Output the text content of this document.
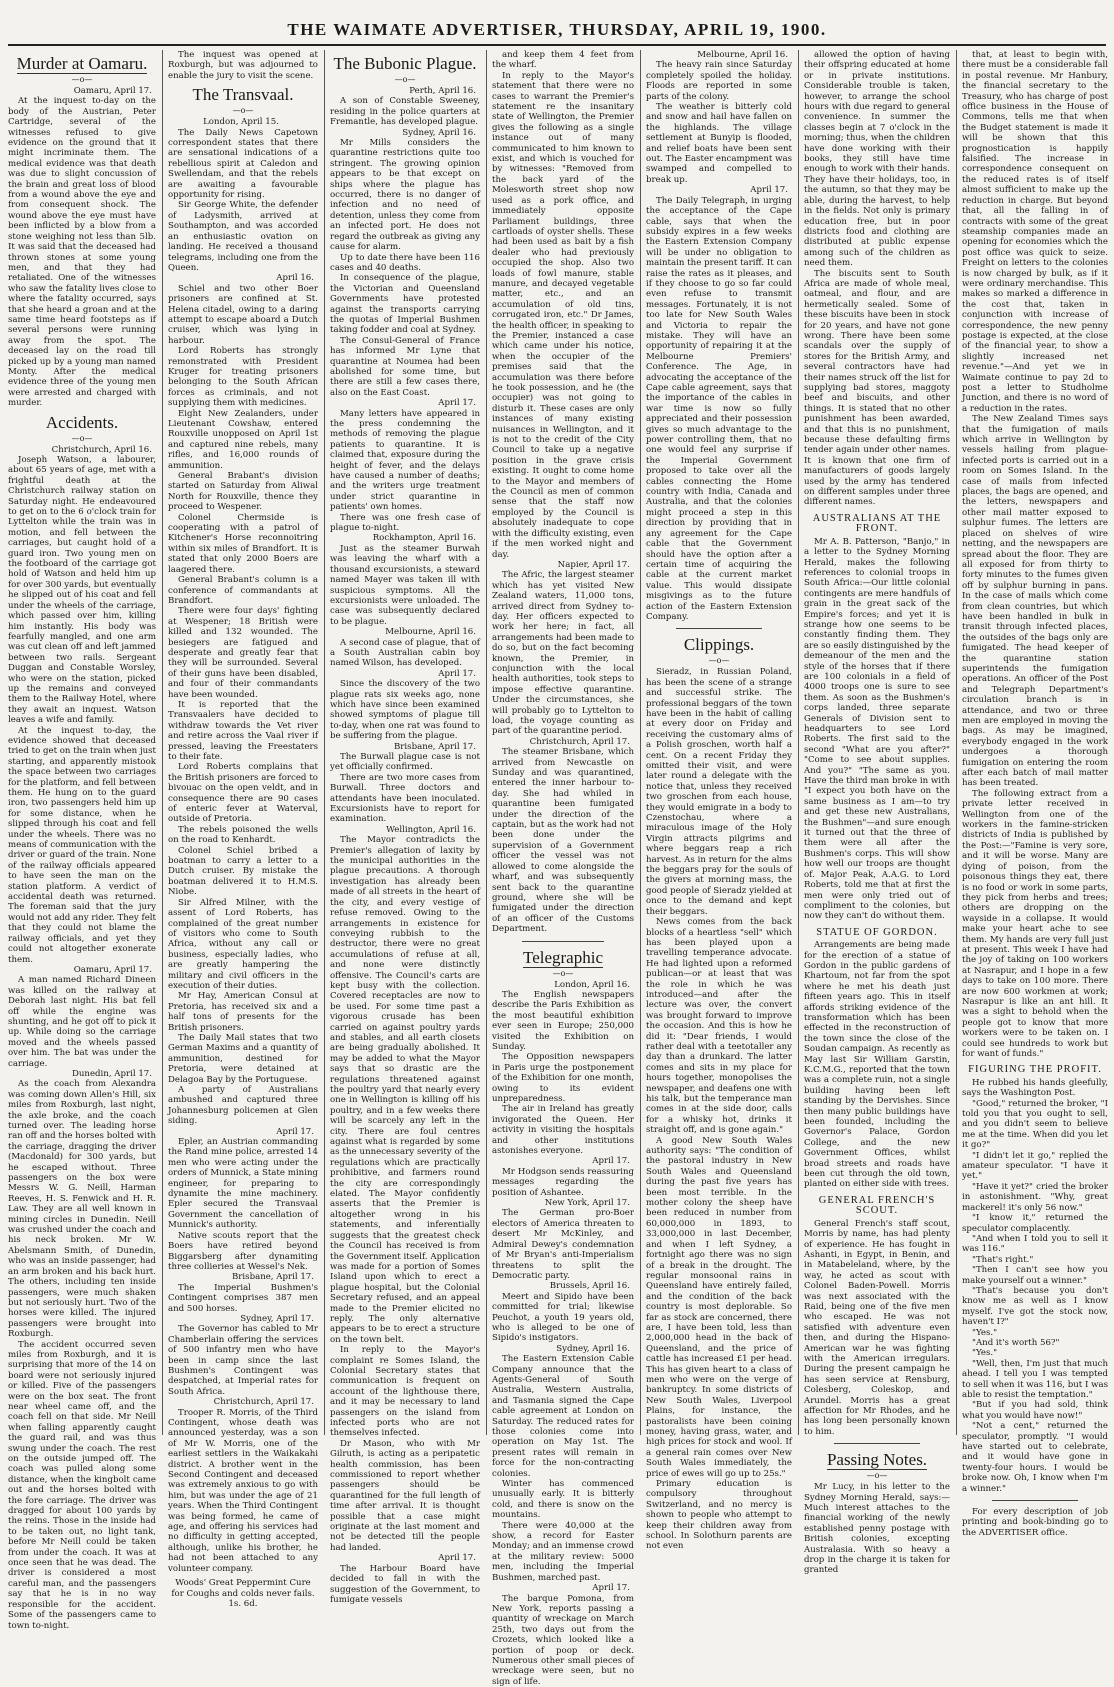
THE WAIMATE ADVERTISER, THURSDAY, APRIL 19, 1900.
Murder at Oamaru.
—o—

Oamaru, April 17.

At the inquest to-day on the body of the Austrian, Peter Cartridge, several of the witnesses refused to give evidence on the ground that it might incriminate them. The medical evidence was that death was due to slight concussion of the brain and great loss of blood from a wound above the eye and from consequent shock. The wound above the eye must have been inflicted by a blow from a stone weighing not less than 5lb. It was said that the deceased had thrown stones at some young men, and that they had retaliated. One of the witnesses who saw the fatality lives close to where the fatality occurred, says that she heard a groan and at the same time heard footsteps as if several persons were running away from the spot. The deceased lay on the road till picked up by a young man named Monty. After the medical evidence three of the young men were arrested and charged with murder.

Accidents.
—o—

Christchurch, April 16.

Joseph Watson, a labourer, about 65 years of age, met with a frightful death at the Christchurch railway station on Saturday night. He endeavoured to get on to the 6 o'clock train for Lyttelton while the train was in motion, and fell between the carriages, but caught hold of a guard iron. Two young men on the footboard of the carriage got hold of Watson and held him up for over 300 yards, but eventually he slipped out of his coat and fell under the wheels of the carriage, which passed over him, killing him instantly. His body was fearfully mangled, and one arm was cut clean off and left jammed between two rails. Sergeant Duggan and Constable Worsley, who were on the station, picked up the remains and conveyed them to the Railway Hotel, where they await an inquest. Watson leaves a wife and family.

At the inquest to-day, the evidence showed that deceased tried to get on the train when just starting, and apparently mistook the space between two carriages for the platform, and fell between them. He hung on to the guard iron, two passengers held him up for some distance, when he slipped through his coat and fell under the wheels. There was no means of communication with the driver or guard of the train. None of the railway officials appeared to have seen the man on the station platform. A verdict of accidental death was returned. The foreman said that the jury would not add any rider. They felt that they could not blame the railway officials, and yet they could not altogether exonerate them.

Oamaru, April 17.

A man named Richard Dineen was killed on the railway at Deborah last night. His bat fell off while the engine was shunting, and he got off to pick it up. While doing so the carriage moved and the wheels passed over him. The bat was under the carriage.

Dunedin, April 17.

As the coach from Alexandra was coming down Allen's Hill, six miles from Roxburgh, last night, the axle broke, and the coach turned over. The leading horse ran off and the horses bolted with the carriage, dragging the driver (Macdonald) for 300 yards, but he escaped without. Three passengers on the box were Messrs W. G. Neill, Harman Reeves, H. S. Fenwick and H. R. Law. They are all well known in mining circles in Dunedin. Neill was crushed under the coach and his neck broken. Mr W. Abelsmann Smith, of Dunedin, who was an inside passenger, had an arm broken and his back hurt. The others, including ten inside passengers, were much shaken but not seriously hurt. Two of the horses were killed. The injured passengers were brought into Roxburgh.

The accident occurred seven miles from Roxburgh, and it is surprising that more of the 14 on board were not seriously injured or killed. Five of the passengers were on the box seat. The front near wheel came off, and the coach fell on that side. Mr Neill when falling apparently caught the guard rail, and was thus swung under the coach. The rest on the outside jumped off. The coach was pulled along some distance, when the kingbolt came out and the horses bolted with the fore carriage. The driver was dragged for about 100 yards by the reins. Those in the inside had to be taken out, no light tank, before Mr Neill could be taken from under the coach. It was at once seen that he was dead. The driver is considered a most careful man, and the passengers say that he is in no way responsible for the accident. Some of the passengers came to town to-night.

The inquest was opened at Roxburgh, but was adjourned to enable the jury to visit the scene.

The Transvaal.
—o—

London, April 15.

The Daily News Capetown correspondent states that there are sensational indications of a rebellious spirit at Caledon and Swellendam, and that the rebels are awaiting a favourable opportunity for rising.

Sir George White, the defender of Ladysmith, arrived at Southampton, and was accorded an enthusiastic ovation on landing. He received a thousand telegrams, including one from the Queen.

April 16.

Schiel and two other Boer prisoners are confined at St. Helena citadel, owing to a daring attempt to escape aboard a Dutch cruiser, which was lying in harbour.

Lord Roberts has strongly remonstrated with President Kruger for treating prisoners belonging to the South African forces as criminals, and not supplying them with medicines.

Eight New Zealanders, under Lieutenant Cowshaw, entered Rouxville unopposed on April 1st and captured nine rebels, many rifles, and 16,000 rounds of ammunition.

General Brabant's division started on Saturday from Aliwal North for Rouxville, thence they proceed to Wespener.

Colonel Chermside is cooperating with a patrol of Kitchener's Horse reconnoitring within six miles of Brandfort. It is stated that only 2000 Boers are laagered there.

General Brabant's column is a conference of commandants at Brandfort.

There were four days' fighting at Wespener; 18 British were killed and 132 wounded. The besiegers are fatigued and desperate and greatly fear that they will be surrounded. Several of their guns have been disabled, and four of their commandants have been wounded.

It is reported that the Transvaalers have decided to withdraw towards the Vet river and retire across the Vaal river if pressed, leaving the Freestaters to their fate.

Lord Roberts complains that the British prisoners are forced to bivouac on the open veldt, and in consequence there are 90 cases of enteric fever at Waterval, outside of Pretoria.

The rebels poisoned the wells on the road to Kenhardt.

Colonel Schiel bribed a boatman to carry a letter to a Dutch cruiser. By mistake the boatman delivered it to H.M.S. Niobe.

Sir Alfred Milner, with the assent of Lord Roberts, has complained of the great number of visitors who come to South Africa, without any call or business, especially ladies, who are greatly hampering the military and civil officers in the execution of their duties.

Mr Hay, American Consul at Pretoria, has received six and a half tons of presents for the British prisoners.

The Daily Mail states that two German Maxims and a quantity of ammunition, destined for Pretoria, were detained at Delagoa Bay by the Portuguese.

A party of Australians ambushed and captured three Johannesburg policemen at Glen siding.

April 17.

Epler, an Austrian commanding the Rand mine police, arrested 14 men who were acting under the orders of Munnick, a State mining engineer, for preparing to dynamite the mine machinery. Epler secured the Transvaal Government the cancellation of Munnick's authority.

Native scouts report that the Boers have retired beyond Biggarsberg after dynamiting three collieries at Wessel's Nek.

Brisbane, April 17.

The Imperial Bushmen's Contingent comprises 387 men and 500 horses.

Sydney, April 17.

The Governor has cabled to Mr Chamberlain offering the services of 500 infantry men who have been in camp since the last Bushmen's Contingent was despatched, at Imperial rates for South Africa.

Christchurch, April 17.

Trooper R. Morris, of the Third Contingent, whose death was announced yesterday, was a son of Mr W. Morris, one of the earliest settlers in the Waikakahi district. A brother went in the Second Contingent and deceased was extremely anxious to go with him, but was under the age of 21 years. When the Third Contingent was being formed, he came of age, and offering his services had no difficulty in getting accepted, although, unlike his brother, he had not been attached to any volunteer company.

Woods' Great Peppermint Cure for Coughs and colds never fails. 1s. 6d.

The Bubonic Plague.
—o—

Perth, April 16.

A son of Constable Sweeney, residing in the police quarters at Fremantle, has developed plague.

Sydney, April 16.

Mr Mills considers the quarantine restrictions quite too stringent. The growing opinion appears to be that except on ships where the plague has occurred, there is no danger of infection and no need of detention, unless they come from an infected port. He does not regard the outbreak as giving any cause for alarm.

Up to date there have been 116 cases and 40 deaths.

In consequence of the plague, the Victorian and Queensland Governments have protested against the transports carrying the quotas of Imperial Bushmen taking fodder and coal at Sydney.

The Consul-General of France has informed Mr Lyne that quarantine at Noumea had been abolished for some time, but there are still a few cases there, also on the East Coast.

April 17.

Many letters have appeared in the press condemning the methods of removing the plague patients to quarantine. It is claimed that, exposure during the height of fever, and the delays have caused a number of deaths; and the writers urge treatment under strict quarantine in patients' own homes.

There was one fresh case of plague to-night.

Rockhampton, April 16.

Just as the steamer Burwah was leaving the wharf with a thousand excursionists, a steward named Mayer was taken ill with suspicious symptoms. All the excursionists were unloaded. The case was subsequently declared to be plague.

Melbourne, April 16.

A second case of plague, that of a South Australian cabin boy named Wilson, has developed.

April 17.

Since the discovery of the two plague rats six weeks ago, none which have since been examined showed symptoms of plague till to-day, when one rat was found to be suffering from the plague.

Brisbane, April 17.

The Burwall plague case is not yet officially confirmed.

There are two more cases from Burwall. Three doctors and attendants have been inoculated. Excursionists have to report for examination.

Wellington, April 16.

The Mayor contradicts the Premier's allegation of laxity by the municipal authorities in the plague precautions. A thorough investigation has already been made of all streets in the heart of the city, and every vestige of refuse removed. Owing to the arrangements in existence for conveying rubbish to the destructor, there were no great accumulations of refuse at all, and none were distinctly offensive. The Council's carts are kept busy with the collection. Covered receptacles are now to be used. For some time past a vigorous crusade has been carried on against poultry yards and stables, and all earth closets are being gradually abolished. It may be added to what the Mayor says that so drastic are the regulations threatened against the poultry yard that nearly every one in Wellington is killing off his poultry, and in a few weeks there will be scarcely any left in the city. There are foul centres against what is regarded by some as the unnecessary severity of the regulations which are practically prohibitive, and farmers round the city are correspondingly elated. The Mayor confidently asserts that the Premier is altogether wrong in his statements, and inferentially suggests that the greatest check the Council has received is from the Government itself. Application was made for a portion of Somes Island upon which to erect a plague hospital, but the Colonial Secretary refused, and an appeal made to the Premier elicited no reply. The only alternative appears to be to erect a structure on the town belt.

In reply to the Mayor's complaint re Somes Island, the Colonial Secretary states that communication is frequent on account of the lighthouse there, and it may be necessary to land passengers on the island from infected ports who are not themselves infected.

Dr Mason, who with Mr Gilruth, is acting as a peripatetic health commission, has been commissioned to report whether passengers should be quarantined for the full length of time after arrival. It is thought possible that a case might originate at the last moment and not be detected till the people had landed.

April 17.

The Harbour Board have decided to fall in with the suggestion of the Government, to fumigate vessels

and keep them 4 feet from the wharf.

In reply to the Mayor's statement that there were no cases to warrant the Premier's statement re the insanitary state of Wellington, the Premier gives the following as a single instance out of many communicated to him known to exist, and which is vouched for by witnesses: "Removed from the back yard of the Molesworth street shop now used as a pork office, and immediately opposite Parliament buildings, three cartloads of oyster shells. These had been used as bait by a fish dealer who had previously occupied the shop. Also two loads of fowl manure, stable manure, and decayed vegetable matter, etc., and an accumulation of old tins, corrugated iron, etc." Dr James, the health officer, in speaking to the Premier, instanced a case which came under his notice, when the occupier of the premises said that the accumulation was there before he took possession, and he (the occupier) was not going to disturb it. These cases are only instances of many existing nuisances in Wellington, and it is not to the credit of the City Council to take up a negative position in the grave crisis existing. It ought to come home to the Mayor and members of the Council as men of common sense that the staff now employed by the Council is absolutely inadequate to cope with the difficulty existing, even if the men worked night and day.

Napier, April 17.

The Afric, the largest steamer which has yet visited New Zealand waters, 11,000 tons, arrived direct from Sydney to-day. Her officers expected to work her here; in fact, all arrangements had been made to do so, but on the fact becoming known, the Premier, in conjunction with the local health authorities, took steps to impose effective quarantine. Under the circumstances, she will probably go to Lyttelton to load, the voyage counting as part of the quarantine period.

Christchurch, April 17.

The steamer Brisbane, which arrived from Newcastle on Sunday and was quarantined, entered the inner harbour to-day. She had whiled in quarantine been fumigated under the direction of the captain, but as the work had not been done under the supervision of a Government officer the vessel was not allowed to come alongside the wharf, and was subsequently sent back to the quarantine ground, where she will be fumigated under the direction of an officer of the Customs Department.

Telegraphic
—o—

London, April 16.

The English newspapers describe the Paris Exhibition as the most beautiful exhibition ever seen in Europe; 250,000 visited the Exhibition on Sunday.

The Opposition newspapers in Paris urge the postponement of the Exhibition for one month, owing to its evident unpreparedness.

The air in Ireland has greatly invigorated the Queen. Her activity in visiting the hospitals and other institutions astonishes everyone.

April 17.

Mr Hodgson sends reassuring messages regarding the position of Ashantee.

New York, April 17.

The German pro-Boer electors of America threaten to desert Mr McKinley, and Admiral Dewey's condemnation of Mr Bryan's anti-Imperialism threatens to split the Democratic party.

Brussels, April 16.

Meert and Sipido have been committed for trial; likewise Peuchot, a youth 19 years old, who is alleged to be one of Sipido's instigators.

Sydney, April 16.

The Eastern Extension Cable Company announce that the Agents-General of South Australia, Western Australia, and Tasmania signed the Cape cable agreement at London on Saturday. The reduced rates for those colonies come into operation on May 1st. The present rates will remain in force for the non-contracting colonies.

Winter has commenced unusually early. It is bitterly cold, and there is snow on the mountains.

There were 40,000 at the show, a record for Easter Monday; and an immense crowd at the military review: 5000 men, including the Imperial Bushmen, marched past.

April 17.

The barque Pomona, from New York, reports passing a quantity of wreckage on March 25th, two days out from the Crozets, which looked like a portion of poop or deck. Numerous other small pieces of wreckage were seen, but no sign of life.

Melbourne, April 16.

The heavy rain since Saturday completely spoiled the holiday. Floods are reported in some parts of the colony.

The weather is bitterly cold and snow and hail have fallen on the highlands. The village settlement at Bunyip is flooded, and relief boats have been sent out. The Easter encampment was swamped and compelled to break up.

April 17.

The Daily Telegraph, in urging the acceptance of the Cape cable, says that when the subsidy expires in a few weeks the Eastern Extension Company will be under no obligation to maintain the present tariff. It can raise the rates as it pleases, and if they choose to go so far could even refuse to transmit messages. Fortunately, it is not too late for New South Wales and Victoria to repair the mistake. They will have an opportunity of repairing it at the Melbourne Premiers' Conference. The Age, in advocating the acceptance of the Cape cable agreement, says that the importance of the cables in war time is now so fully appreciated and their possession gives so much advantage to the power controlling them, that no one would feel any surprise if the Imperial Government proposed to take over all the cables connecting the Home country with India, Canada and Australia, and that the colonies might proceed a step in this direction by providing that in any agreement for the Cape cable that the Government should have the option after a certain time of acquiring the cable at the current market value. This would dissipate misgivings as to the future action of the Eastern Extension Company.

Clippings.
—o—

Sieradz, in Russian Poland, has been the scene of a strange and successful strike. The professional beggars of the town have been in the habit of calling at every door on Friday and receiving the customary alms of a Polish groschen, worth half a cent. On a recent Friday they omitted their visit, and were later round a delegate with the notice that, unless they received two groschen from each house, they would emigrate in a body to Czenstochau, where a miraculous image of the Holy Virgin attracts pilgrims and where beggars reap a rich harvest. As in return for the alms the beggars pray for the souls of the givers at morning mass, the good people of Sieradz yielded at once to the demand and kept their beggars.

News comes from the back blocks of a heartless "sell" which has been played upon a travelling temperance advocate. He had lighted upon a reformed publican—or at least that was the role in which he was introduced—and after the lecture was over, the convert was brought forward to improve the occasion. And this is how he did it: "Dear friends, I would rather deal with a teetotaller any day than a drunkard. The latter comes and sits in my place for hours together, monopolises the newspaper, and deafens one with his talk, but the temperance man comes in at the side door, calls for a whisky hot, drinks it straight off, and is gone again."

A good New South Wales authority says: "The condition of the pastoral industry in New South Wales and Queensland during the past five years has been most terrible. In the mother colony the sheep have been reduced in number from 60,000,000 in 1893, to 33,000,000 in last December, and when I left Sydney, a fortnight ago there was no sign of a break in the drought. The regular monsoonal rains in Queensland have entirely failed, and the condition of the back country is most deplorable. So far as stock are concerned, there are, I have been told, less than 2,000,000 head in the back of Queensland, and the price of cattle has increased £1 per head. This has given heart to a class of men who were on the verge of bankruptcy. In some districts of New South Wales, Liverpool Plains, for instance, the pastoralists have been coining money, having grass, water, and high prices for stock and wool. If a general rain comes over New South Wales immediately, the price of ewes will go up to 25s."

Primary education is compulsory throughout Switzerland, and no mercy is shown to people who attempt to keep their children away from school. In Solothurn parents are not even

allowed the option of having their offspring educated at home or in private institutions. Considerable trouble is taken, however, to arrange the school hours with due regard to general convenience. In summer the classes begin at 7 o'clock in the morning; thus, when the children have done working with their books, they still have time enough to work with their hands. They have their holidays, too, in the autumn, so that they may be able, during the harvest, to help in the fields. Not only is primary education free, but in poor districts food and clothing are distributed at public expense among such of the children as need them.

The biscuits sent to South Africa are made of whole meal, oatmeal, and flour, and are hermetically sealed. Some of these biscuits have been in stock for 20 years, and have not gone wrong. There have been some scandals over the supply of stores for the British Army, and several contractors have had their names struck off the list for supplying bad stores, maggoty beef and biscuits, and other things. It is stated that no other punishment has been awarded, and that this is no punishment, because these defaulting firms tender again under other names. It is known that one firm of manufacturers of goods largely used by the army has tendered on different samples under three different names.

AUSTRALIANS AT THE FRONT.

Mr A. B. Patterson, "Banjo," in a letter to the Sydney Morning Herald, makes the following references to colonial troops in South Africa:—Our little colonial contingents are mere handfuls of grain in the great sack of the Empire's forces; and yet it is strange how one seems to be constantly finding them. They are so easily distinguished by the demeanour of the men and the style of the horses that if there are 100 colonials in a field of 4000 troops one is sure to see them. As soon as the Bushmen's corps landed, three separate Generals of Division sent to headquarters to see Lord Roberts. The first said to the second "What are you after?" "Come to see about supplies. And you?" "The same as you. Have the third man broke in with "I expect you both have on the same business as I am—to try and get these new Australians, the Bushmen"—and sure enough it turned out that the three of them were all after the Bushmen's corps. This will show how well our troops are thought of. Major Peak, A.A.G. to Lord Roberts, told me that at first the men were only tried out of compliment to the colonies, but now they can't do without them.

STATUE OF GORDON.

Arrangements are being made for the erection of a statue of Gordon in the public gardens of Khartoum, not far from the spot where he met his death just fifteen years ago. This in itself affords striking evidence of the transformation which has been effected in the reconstruction of the town since the close of the Soudan campaign. As recently as May last Sir William Garstin, K.C.M.G., reported that the town was a complete ruin, not a single building having been left standing by the Dervishes. Since then many public buildings have been founded, including the Governor's Palace, Gordon College, and the new Government Offices, whilst broad streets and roads have been cut through the old town, planted on either side with trees.

GENERAL FRENCH'S SCOUT.

General French's staff scout, Morris by name, has had plenty of experience. He has fought in Ashanti, in Egypt, in Benin, and in Matabeleland, where, by the way, he acted as scout with Colonel Baden-Powell. Morris was next associated with the Raid, being one of the five men who escaped. He was not satisfied with adventure even then, and during the Hispano-American war he was fighting with the American irregulars. During the present campaign he has seen service at Rensburg, Colesberg, Coleskop, and Arundel. Morris has a great affection for Mr Rhodes, and he has long been personally known to him.

Passing Notes.
—o—

Mr Lucy, in his letter to the Sydney Morning Herald, says:—Much interest attaches to the financial working of the newly established penny postage with British colonies, excepting Australasia. With so heavy a drop in the charge it is taken for granted

that, at least to begin with, there must be a considerable fall in postal revenue. Mr Hanbury, the financial secretary to the Treasury, who has charge of post office business in the House of Commons, tells me that when the Budget statement is made it will be shown that this prognostication is happily falsified. The increase in correspondence consequent on the reduced rates is of itself almost sufficient to make up the reduction in charge. But beyond that, all the falling in of contracts with some of the great steamship companies made an opening for economies which the post office was quick to seize. Freight on letters to the colonies is now charged by bulk, as if it were ordinary merchandise. This makes so marked a difference in the cost that, taken in conjunction with increase of correspondence, the new penny postage is expected, at the close of the financial year, to show a slightly increased net revenue."—And yet we in Waimate continue to pay 2d to post a letter to Studholme Junction, and there is no word of a reduction in the rates.

The New Zealand Times says that the fumigation of mails which arrive in Wellington by vessels hailing from plague-infected ports is carried out in a room on Somes Island. In the case of mails from infected places, the bags are opened, and the letters, newspapers and other mail matter exposed to sulphur fumes. The letters are placed on shelves of wire netting, and the newspapers are spread about the floor. They are all exposed for from thirty to forty minutes to the fumes given off by sulphur burning in pans. In the case of mails which come from clean countries, but which have been handled in bulk in transit through infected places, the outsides of the bags only are fumigated. The head keeper of the quarantine station superintends the fumigation operations. An officer of the Post and Telegraph Department's circulation branch is in attendance, and two or three men are employed in moving the bags. As may be imagined, everybody engaged in the work undergoes a thorough fumigation on entering the room after each batch of mail matter has been treated.

The following extract from a private letter received in Wellington from one of the workers in the famine-stricken districts of India is published by the Post:—"Famine is very sore, and it will be worse. Many are dying of poison, from the poisonous things they eat, there is no food or work in some parts, they pick from herbs and trees; others are dropping on the wayside in a collapse. It would make your heart ache to see them. My hands are very full just at present. This week I have had the joy of taking on 100 workers at Nasrapur, and I hope in a few days to take on 100 more. There are now 600 workmen at work; Nasrapur is like an ant hill. It was a sight to behold when the people got to know that more workers were to be taken on. I could see hundreds to work but for want of funds."

FIGURING THE PROFIT.

He rubbed his hands gleefully, says the Washington Post.

"Good," returned the broker, "I told you that you ought to sell, and you didn't seem to believe me at the time. When did you let it go?"

"I didn't let it go," replied the amateur speculator. "I have it yet."

"Have it yet?" cried the broker in astonishment. "Why, great mackerel! it's only 56 now."

"I know it," returned the speculator complacently.

"And when I told you to sell it was 116."

"That's right."

"Then I can't see how you make yourself out a winner."

"That's because you don't know me as well as I know myself. I've got the stock now, haven't I?"

"Yes."

"And it's worth 56?"

"Yes."

"Well, then, I'm just that much ahead. I tell you I was tempted to sell when it was 116, but I was able to resist the temptation."

"But if you had sold, think what you would have now!"

"Not a cent," returned the speculator, promptly. "I would have started out to celebrate, and it would have gone in twenty-four hours. I would be broke now. Oh, I know when I'm a winner."

For every description of job printing and book-binding go to the ADVERTISER office.
